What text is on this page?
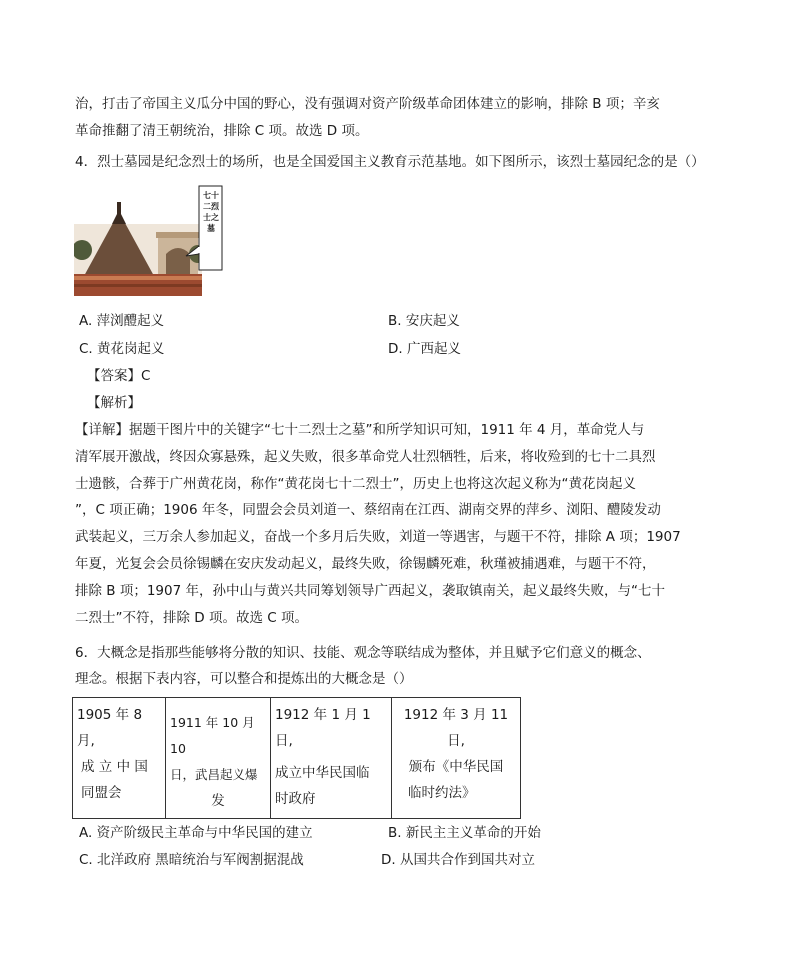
治，打击了帝国主义瓜分中国的野心，没有强调对资产阶级革命团体建立的影响，排除 B 项；辛亥
革命推翻了清王朝统治，排除 C 项。故选 D 项。
4．烈士墓园是纪念烈士的场所，也是全国爱国主义教育示范基地。如下图所示，该烈士墓园纪念的是（）
七十二烈士之墓
A. 萍浏醴起义	B. 安庆起义
C. 黄花岗起义	D. 广西起义
【答案】C
【解析】
【详解】据题干图片中的关键字“七十二烈士之墓”和所学知识可知，1911 年 4 月，革命党人与
清军展开激战，终因众寡悬殊，起义失败，很多革命党人壮烈牺牲，后来，将收殓到的七十二具烈
士遗骸，合葬于广州黄花岗，称作“黄花岗七十二烈士”，历史上也将这次起义称为“黄花岗起义
”，C 项正确；1906 年冬，同盟会会员刘道一、蔡绍南在江西、湖南交界的萍乡、浏阳、醴陵发动
武装起义，三万余人参加起义，奋战一个多月后失败，刘道一等遇害，与题干不符，排除 A 项；1907
年夏，光复会会员徐锡麟在安庆发动起义，最终失败，徐锡麟死难，秋瑾被捕遇难，与题干不符，
排除 B 项；1907 年，孙中山与黄兴共同筹划领导广西起义，袭取镇南关，起义最终失败，与“七十
二烈士”不符，排除 D 项。故选 C 项。
6．大概念是指那些能够将分散的知识、技能、观念等联结成为整体，并且赋予它们意义的概念、
理念。根据下表内容，可以整合和提炼出的大概念是（）
1905 年 8 月,
成 立 中 国
同盟会

1911 年 10 月 10
日，武昌起义爆
发

1912 年 1 月 1 日,
成立中华民国临
时政府

1912 年 3 月 11
日,
颁布《中华民国
临时约法》
A. 资产阶级民主革命与中华民国的建立	B. 新民主主义革命的开始
C. 北洋政府 黑暗统治与军阀割据混战	D. 从国共合作到国共对立
